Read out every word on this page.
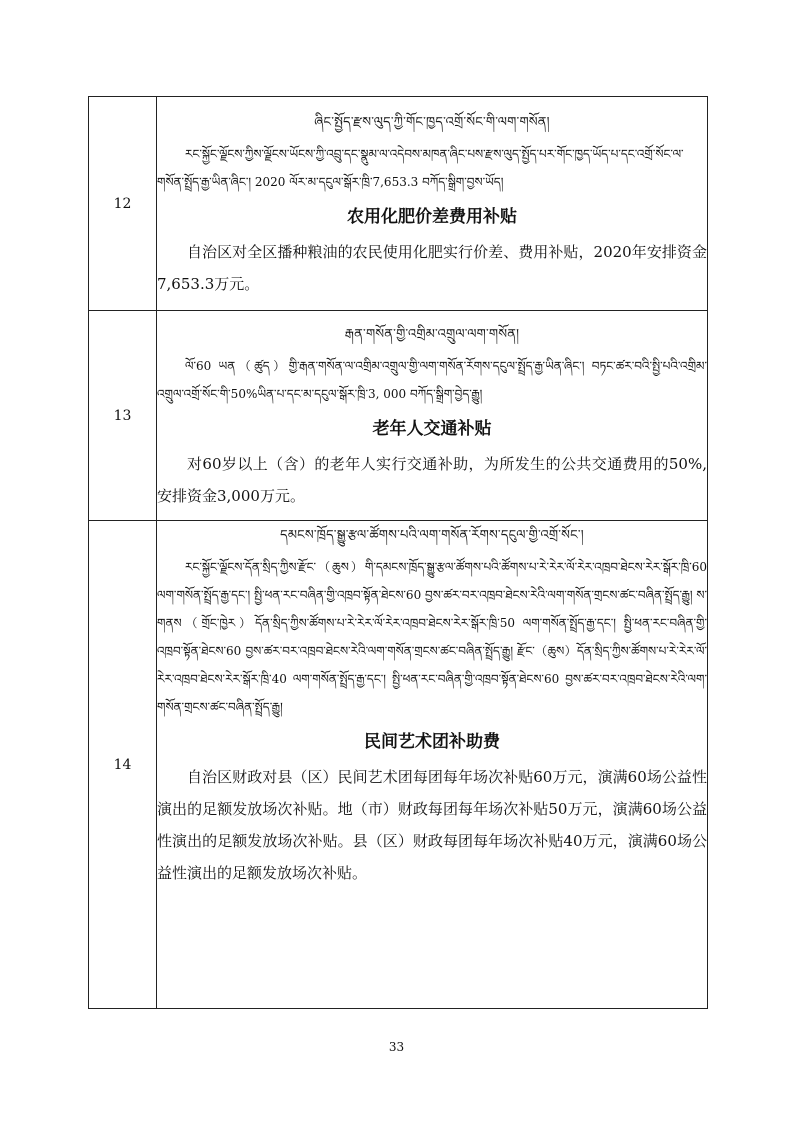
12	ཞིང་སྤྱོད་རྫས་ལུད་ཀྱི་གོང་ཁྱད་འགྲོ་སོང་གི་ལག་གསོན།

རང་སྐྱོང་ལྗོངས་ཀྱིས་ལྗོངས་ཡོངས་ཀྱི་འབྲུ་དང་སྣུམ་ལ་འདེབས་མཁན་ཞིང་པས་རྫས་ལུད་སྤྱོད་པར་གོང་ཁྱད་ཡོད་པ་དང་འགྲོ་སོང་ལ་གསོན་སྤྲོད་རྒྱ་ཡིན་ཞིང་། 2020 ལོར་མ་དངུལ་སྒོར་ཁྲི་7,653.3 བཀོད་སྒྲིག་བྱས་ཡོད།

农用化肥价差费用补贴

自治区对全区播种粮油的农民使用化肥实行价差、费用补贴，2020年安排资金7,653.3万元。

13	རྒན་གསོན་གྱི་འགྲིམ་འགྲུལ་ལག་གསོན།

ལོ་60 ཡན（ཚུད）གྱི་རྒན་གསོན་ལ་འགྲིམ་འགྲུལ་གྱི་ལག་གསོན་རོགས་དངུལ་སྤྲོད་རྒྱ་ཡིན་ཞིང་། བཏང་ཚར་བའི་སྤྱི་པའི་འགྲིམ་འགྲུལ་འགྲོ་སོང་གི་50%ཡིན་པ་དང་མ་དངུལ་སྒོར་ཁྲི་3, 000 བཀོད་སྒྲིག་བྱེད་རྒྱུ།

老年人交通补贴

对60岁以上（含）的老年人实行交通补助，为所发生的公共交通费用的50%,安排资金3,000万元。

14	དམངས་ཁྲོད་སྒྱུ་རྩལ་ཚོགས་པའི་ལག་གསོན་རོགས་དངུལ་གྱི་འགྲོ་སོང་།

རང་སྐྱོང་ལྗོངས་དོན་སྲིད་ཀྱིས་རྫོང་（ཆུས）གི་དམངས་ཁྲོད་སྒྱུ་རྩལ་ཚོགས་པའི་ཚོགས་པ་རེ་རེར་ལོ་རེར་འཁྲབ་ཐེངས་རེར་སྒོར་ཁྲི་60 ལག་གསོན་སྤྲོད་རྒྱ་དང་། སྤྱི་ཕན་རང་བཞིན་གྱི་འཁྲབ་སྟོན་ཐེངས་60 བྱས་ཚར་བར་འཁྲབ་ཐེངས་རེའི་ལག་གསོན་གྲངས་ཚང་བཞིན་སྤྲོད་རྒྱུ། ས་གནས（གྲོང་ཁྱེར）དོན་སྲིད་ཀྱིས་ཚོགས་པ་རེ་རེར་ལོ་རེར་འཁྲབ་ཐེངས་རེར་སྒོར་ཁྲི་50 ལག་གསོན་སྤྲོད་རྒྱ་དང་། སྤྱི་ཕན་རང་བཞིན་གྱི་འཁྲབ་སྟོན་ཐེངས་60 བྱས་ཚར་བར་འཁྲབ་ཐེངས་རེའི་ལག་གསོན་གྲངས་ཚང་བཞིན་སྤྲོད་རྒྱུ། རྫོང་（ཆུས）དོན་སྲིད་ཀྱིས་ཚོགས་པ་རེ་རེར་ལོ་རེར་འཁྲབ་ཐེངས་རེར་སྒོར་ཁྲི་40 ལག་གསོན་སྤྲོད་རྒྱ་དང་། སྤྱི་ཕན་རང་བཞིན་གྱི་འཁྲབ་སྟོན་ཐེངས་60 བྱས་ཚར་བར་འཁྲབ་ཐེངས་རེའི་ལག་གསོན་གྲངས་ཚང་བཞིན་སྤྲོད་རྒྱུ།

民间艺术团补助费

自治区财政对县（区）民间艺术团每团每年场次补贴60万元，演满60场公益性演出的足额发放场次补贴。地（市）财政每团每年场次补贴50万元，演满60场公益性演出的足额发放场次补贴。县（区）财政每团每年场次补贴40万元，演满60场公益性演出的足额发放场次补贴。

33
